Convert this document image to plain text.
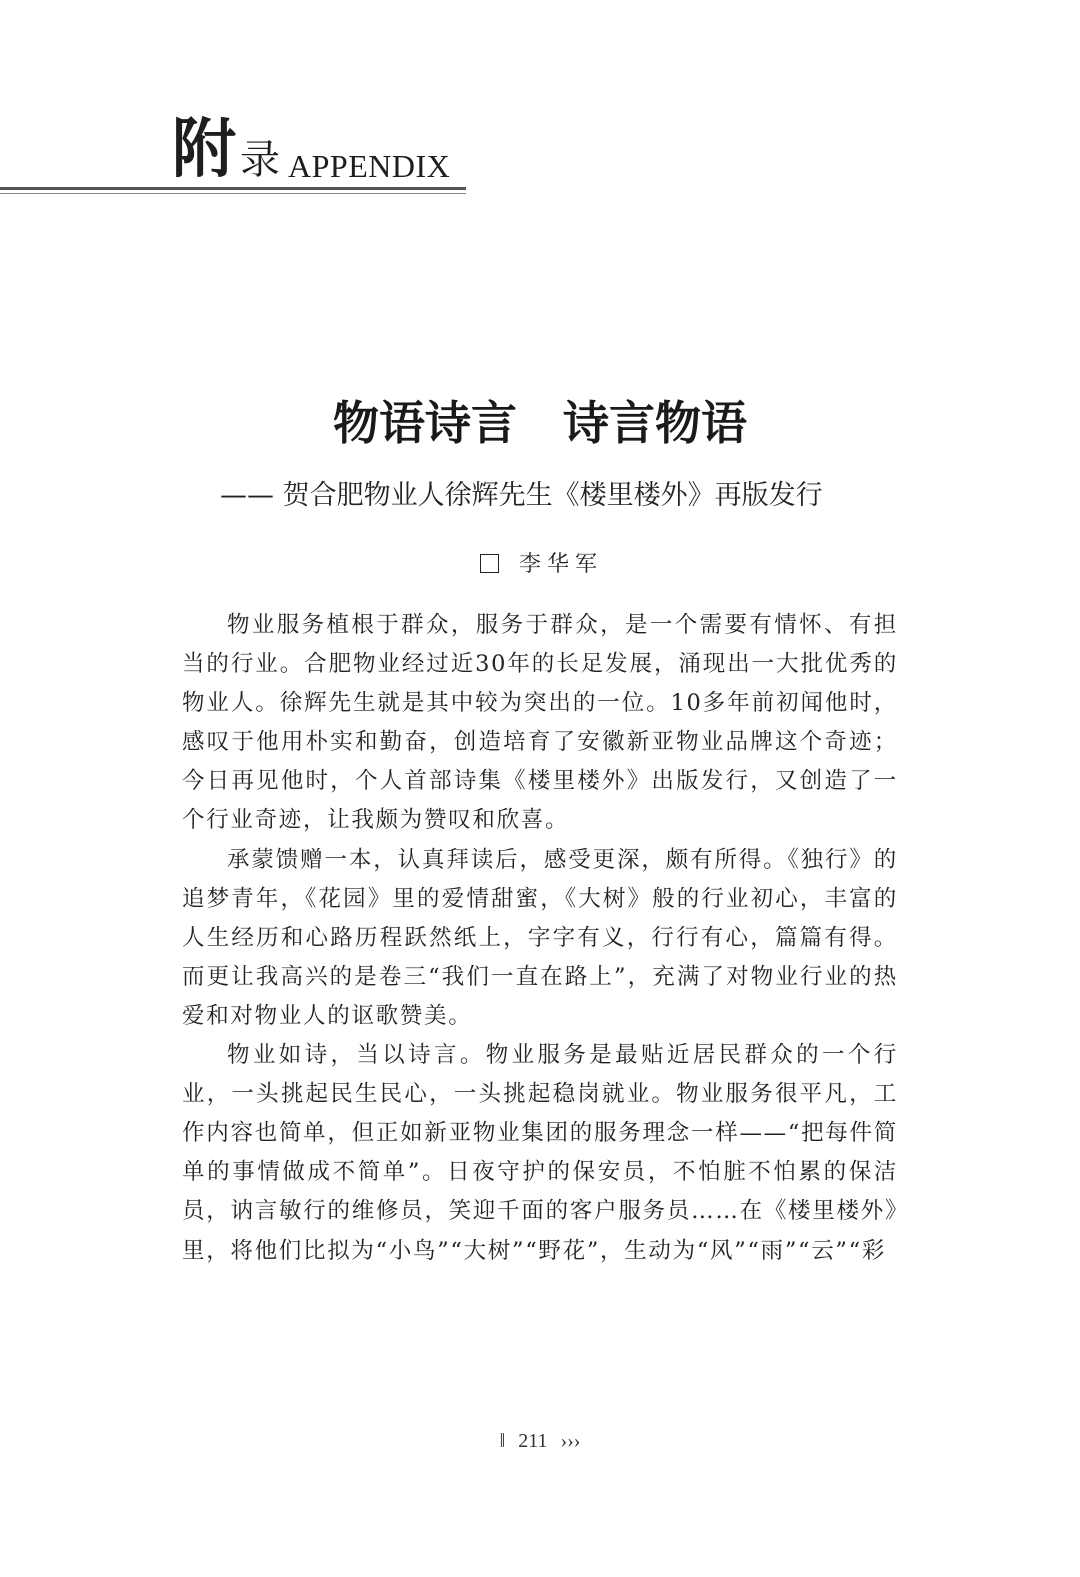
附 录 APPENDIX
物语诗言　诗言物语
—— 贺合肥物业人徐辉先生《楼里楼外》再版发行
李华军

物业服务植根于群众，服务于群众，是一个需要有情怀、有担当的行业。合肥物业经过近30年的长足发展，涌现出一大批优秀的物业人。徐辉先生就是其中较为突出的一位。10多年前初闻他时，感叹于他用朴实和勤奋，创造培育了安徽新亚物业品牌这个奇迹；今日再见他时，个人首部诗集《楼里楼外》出版发行，又创造了一个行业奇迹，让我颇为赞叹和欣喜。

承蒙馈赠一本，认真拜读后，感受更深，颇有所得。《独行》的追梦青年，《花园》里的爱情甜蜜，《大树》般的行业初心，丰富的人生经历和心路历程跃然纸上，字字有义，行行有心，篇篇有得。而更让我高兴的是卷三“我们一直在路上”，充满了对物业行业的热爱和对物业人的讴歌赞美。

物业如诗，当以诗言。物业服务是最贴近居民群众的一个行业，一头挑起民生民心，一头挑起稳岗就业。物业服务很平凡，工作内容也简单，但正如新亚物业集团的服务理念一样——“把每件简单的事情做成不简单”。日夜守护的保安员，不怕脏不怕累的保洁员，讷言敏行的维修员，笑迎千面的客户服务员……在《楼里楼外》里，将他们比拟为“小鸟”“大树”“野花”，生动为“风”“雨”“云”“彩

‖ 211 ›››
